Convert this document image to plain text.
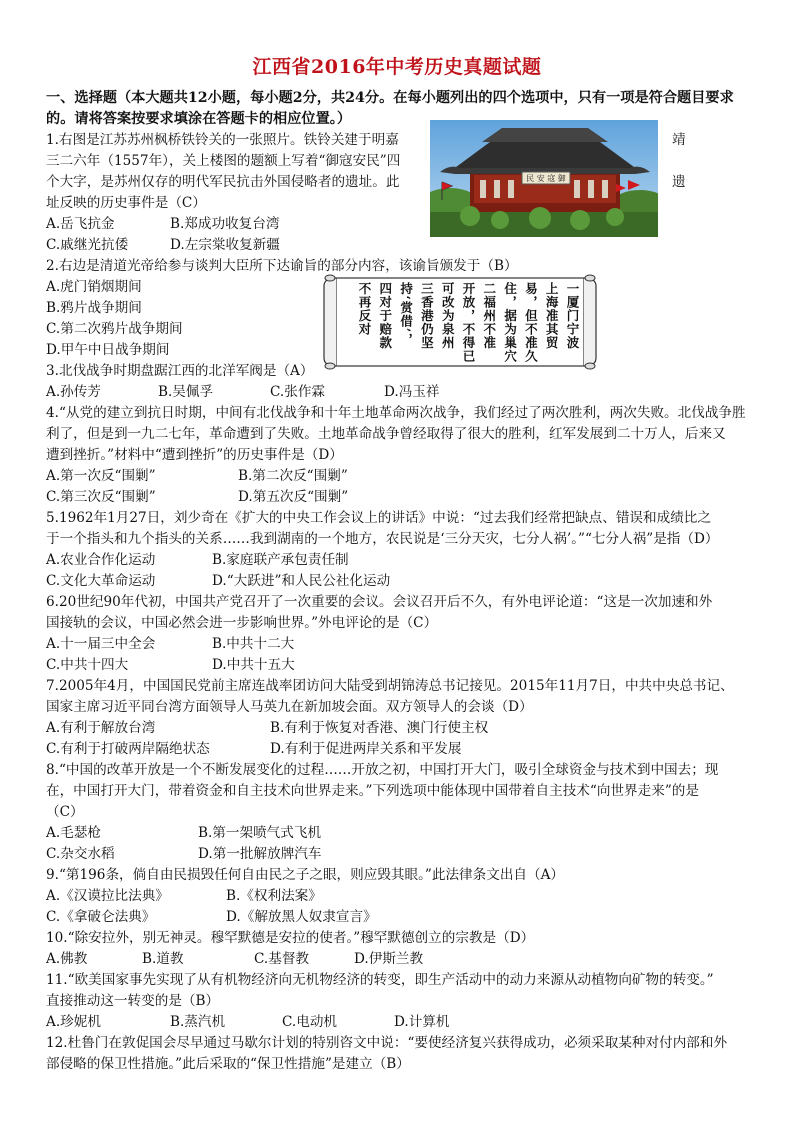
江西省2016年中考历史真题试题
一、选择题（本大题共12小题，每小题2分，共24分。在每小题列出的四个选项中，只有一项是符合题目要求的。请将答案按要求填涂在答题卡的相应位置。）
1.右图是江苏苏州枫桥铁铃关的一张照片。铁铃关建于明嘉	靖
三二六年（1557年），关上楼图的题额上写着“御寇安民”四
个大字，是苏州仅存的明代军民抗击外国侵略者的遗址。此	遗
址反映的历史事件是（C）
A.岳飞抗金	B.郑成功收复台湾
C.戚继光抗倭	D.左宗棠收复新疆
民 安 寇 御
2.右边是清道光帝给参与谈判大臣所下达谕旨的部分内容，该谕旨颁发于（B）
A.虎门销烟期间
B.鸦片战争期间
C.第二次鸦片战争期间
D.甲午中日战争期间
一厦门宁波
上海准其贸
易，但不准久
住，据为巢穴
二福州不准
开放，不得已
可改为泉州
三香港仍坚
持‘赏借’，
四对于赔款
不再反对
3.北伐战争时期盘踞江西的北洋军阀是（A）
A.孙传芳	B.吴佩孚	C.张作霖	D.冯玉祥
4.“从党的建立到抗日时期，中间有北伐战争和十年土地革命两次战争，我们经过了两次胜利，两次失败。北伐战争胜
利了，但是到一九二七年，革命遭到了失败。土地革命战争曾经取得了很大的胜利，红军发展到二十万人，后来又
遭到挫折。”材料中“遭到挫折”的历史事件是（D）
A.第一次反“围剿”	B.第二次反“围剿”
C.第三次反“围剿”	D.第五次反“围剿”
5.1962年1月27日，刘少奇在《扩大的中央工作会议上的讲话》中说：“过去我们经常把缺点、错误和成绩比之
于一个指头和九个指头的关系……我到湖南的一个地方，农民说是‘三分天灾，七分人祸’。”“七分人祸”是指（D）
A.农业合作化运动	B.家庭联产承包责任制
C.文化大革命运动	D.“大跃进”和人民公社化运动
6.20世纪90年代初，中国共产党召开了一次重要的会议。会议召开后不久，有外电评论道：“这是一次加速和外
国接轨的会议，中国必然会进一步影响世界。”外电评论的是（C）
A.十一届三中全会	B.中共十二大
C.中共十四大	D.中共十五大
7.2005年4月，中国国民党前主席连战率团访问大陆受到胡锦涛总书记接见。2015年11月7日，中共中央总书记、
国家主席习近平同台湾方面领导人马英九在新加坡会面。双方领导人的会谈（D）
A.有利于解放台湾	B.有利于恢复对香港、澳门行使主权
C.有利于打破两岸隔绝状态	D.有利于促进两岸关系和平发展
8.“中国的改革开放是一个不断发展变化的过程……开放之初，中国打开大门，吸引全球资金与技术到中国去；现
在，中国打开大门，带着资金和自主技术向世界走来。”下列选项中能体现中国带着自主技术“向世界走来”的是
（C）
A.毛瑟枪	B.第一架喷气式飞机
C.杂交水稻	D.第一批解放牌汽车
9.“第196条，倘自由民损毁任何自由民之子之眼，则应毁其眼。”此法律条文出自（A）
A.《汉谟拉比法典》	B.《权利法案》
C.《拿破仑法典》	D.《解放黑人奴隶宣言》
10.“除安拉外，别无神灵。穆罕默德是安拉的使者。”穆罕默德创立的宗教是（D）
A.佛教	B.道教	C.基督教	D.伊斯兰教
11.“欧美国家事先实现了从有机物经济向无机物经济的转变，即生产活动中的动力来源从动植物向矿物的转变。”
直接推动这一转变的是（B）
A.珍妮机	B.蒸汽机	C.电动机	D.计算机
12.杜鲁门在敦促国会尽早通过马歇尔计划的特别咨文中说：“要使经济复兴获得成功，必须采取某种对付内部和外
部侵略的保卫性措施。”此后采取的“保卫性措施”是建立（B）
